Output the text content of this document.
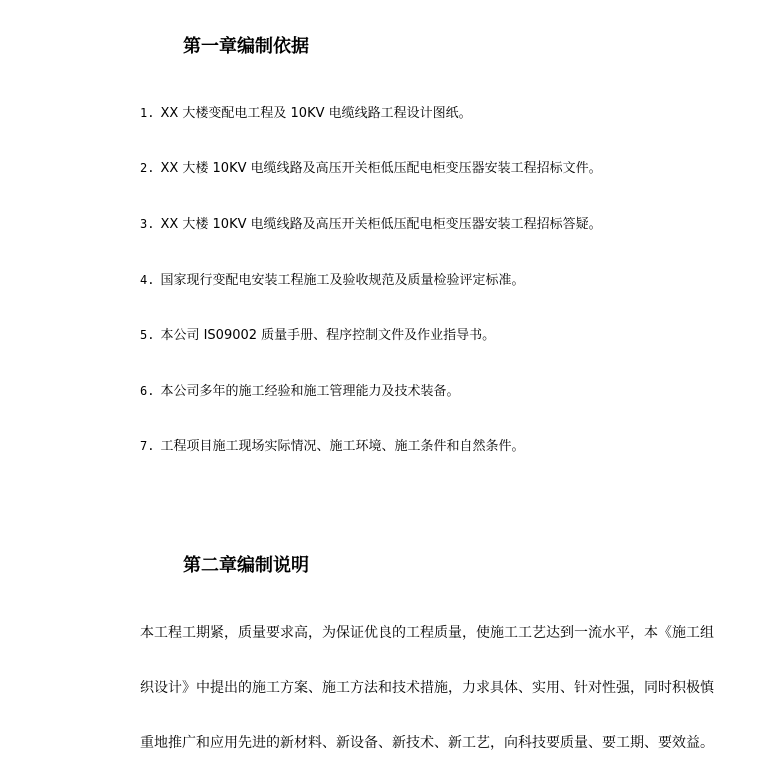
第一章编制依据
1. XX 大楼变配电工程及 10KV 电缆线路工程设计图纸。
2. XX 大楼 10KV 电缆线路及高压开关柜低压配电柜变压器安装工程招标文件。
3. XX 大楼 10KV 电缆线路及高压开关柜低压配电柜变压器安装工程招标答疑。
4. 国家现行变配电安装工程施工及验收规范及质量检验评定标准。
5. 本公司 IS09002 质量手册、程序控制文件及作业指导书。
6. 本公司多年的施工经验和施工管理能力及技术装备。
7. 工程项目施工现场实际情况、施工环境、施工条件和自然条件。
第二章编制说明
本工程工期紧，质量要求高，为保证优良的工程质量，使施工工艺达到一流水平，本《施工组
织设计》中提出的施工方案、施工方法和技术措施，力求具体、实用、针对性强，同时积极慎
重地推广和应用先进的新材料、新设备、新技术、新工艺，向科技要质量、要工期、要效益。
